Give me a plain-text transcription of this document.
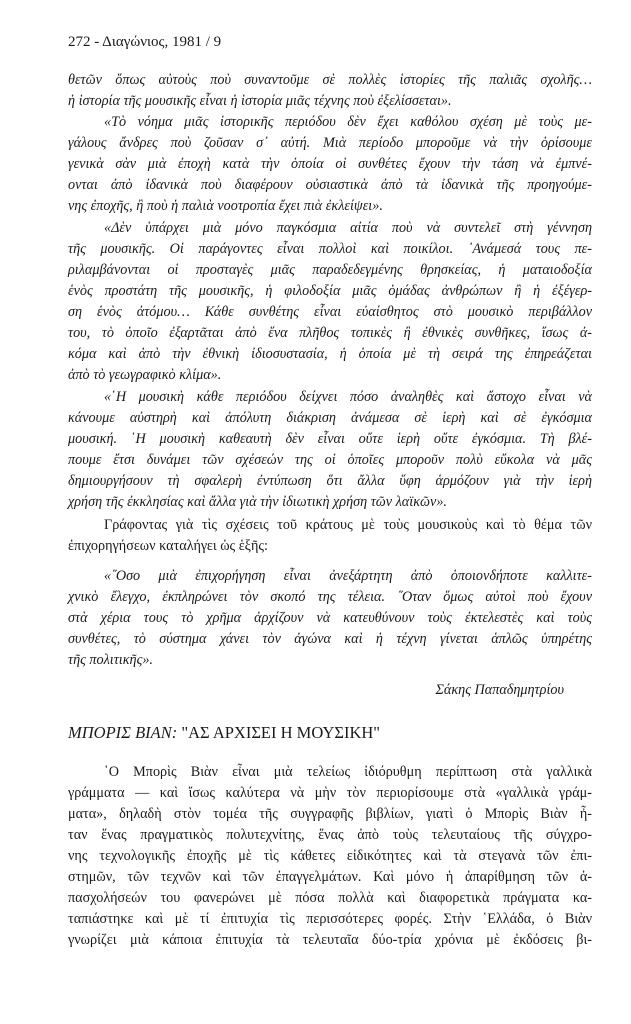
272 - Διαγώνιος, 1981 / 9
θετῶν ὅπως αὐτοὺς ποὺ συναντοῦμε σὲ πολλὲς ἱστορίες τῆς παλιᾶς σχολῆς…
ἡ ἱστορία τῆς μουσικῆς εἶναι ἡ ἱστορία μιᾶς τέχνης ποὺ ἐξελίσσεται».
«Τὸ νόημα μιᾶς ἱστορικῆς περιόδου δὲν ἔχει καθόλου σχέση μὲ τοὺς με-
γάλους ἄνδρες ποὺ ζοῦσαν σ᾽ αὐτή. Μιὰ περίοδο μποροῦμε νὰ τὴν ὁρίσουμε
γενικὰ σὰν μιὰ ἐποχὴ κατὰ τὴν ὁποία οἱ συνθέτες ἔχουν τὴν τάση νὰ ἐμπνέ-
ονται ἀπὸ ἰδανικὰ ποὺ διαφέρουν οὐσιαστικὰ ἀπὸ τὰ ἰδανικὰ τῆς προηγούμε-
νης ἐποχῆς, ἢ ποὺ ἡ παλιὰ νοοτροπία ἔχει πιὰ ἐκλείψει».
«Δὲν ὑπάρχει μιὰ μόνο παγκόσμια αἰτία ποὺ νὰ συντελεῖ στὴ γέννηση
τῆς μουσικῆς. Οἱ παράγοντες εἶναι πολλοὶ καὶ ποικίλοι. ᾽Ανάμεσά τους πε-
ριλαμβάνονται οἱ προσταγὲς μιᾶς παραδεδεγμένης θρησκείας, ἡ ματαιοδοξία
ἑνὸς προστάτη τῆς μουσικῆς, ἡ φιλοδοξία μιᾶς ὁμάδας ἀνθρώπων ἢ ἡ ἐξέγερ-
ση ἑνὸς ἀτόμου… Κάθε συνθέτης εἶναι εὐαίσθητος στὸ μουσικὸ περιβάλλον
του, τὸ ὁποῖο ἐξαρτᾶται ἀπὸ ἕνα πλῆθος τοπικὲς ἢ ἐθνικὲς συνθῆκες, ἴσως ἀ-
κόμα καὶ ἀπὸ τὴν ἐθνικὴ ἰδιοσυστασία, ἡ ὁποία μὲ τὴ σειρά της ἐπηρεάζεται
ἀπὸ τὸ γεωγραφικὸ κλίμα».
«῾Η μουσικὴ κάθε περιόδου δείχνει πόσο ἀναληθὲς καὶ ἄστοχο εἶναι νὰ
κάνουμε αὐστηρὴ καὶ ἀπόλυτη διάκριση ἀνάμεσα σὲ ἱερὴ καὶ σὲ ἐγκόσμια
μουσική. ῾Η μουσικὴ καθεαυτὴ δὲν εἶναι οὔτε ἱερὴ οὔτε ἐγκόσμια. Τὴ βλέ-
πουμε ἔτσι δυνάμει τῶν σχέσεών της οἱ ὁποῖες μποροῦν πολὺ εὔκολα νὰ μᾶς
δημιουργήσουν τὴ σφαλερὴ ἐντύπωση ὅτι ἄλλα ὕφη ἁρμόζουν γιὰ τὴν ἱερὴ
χρήση τῆς ἐκκλησίας καὶ ἄλλα γιὰ τὴν ἰδιωτικὴ χρήση τῶν λαϊκῶν».
Γράφοντας γιὰ τὶς σχέσεις τοῦ κράτους μὲ τοὺς μουσικοὺς καὶ τὸ θέμα τῶν
ἐπιχορηγήσεων καταλήγει ὡς ἑξῆς:
«῞Οσο μιὰ ἐπιχορήγηση εἶναι ἀνεξάρτητη ἀπὸ ὁποιονδήποτε καλλιτε-
χνικὸ ἔλεγχο, ἐκπληρώνει τὸν σκοπό της τέλεια. ῞Οταν ὅμως αὐτοὶ ποὺ ἔχουν
στὰ χέρια τους τὸ χρῆμα ἀρχίζουν νὰ κατευθύνουν τοὺς ἐκτελεστὲς καὶ τοὺς
συνθέτες, τὸ σύστημα χάνει τὸν ἀγώνα καὶ ἡ τέχνη γίνεται ἁπλῶς ὑπηρέτης
τῆς πολιτικῆς».
Σάκης Παπαδημητρίου
ΜΠΟΡΙΣ ΒΙΑΝ: "ΑΣ ΑΡΧΙΣΕΙ Η ΜΟΥΣΙΚΗ"
῾Ο Μπορὶς Βιὰν εἶναι μιὰ τελείως ἰδιόρυθμη περίπτωση στὰ γαλλικὰ
γράμματα — καὶ ἴσως καλύτερα νὰ μὴν τὸν περιορίσουμε στὰ «γαλλικὰ γράμ-
ματα», δηλαδὴ στὸν τομέα τῆς συγγραφῆς βιβλίων, γιατὶ ὁ Μπορὶς Βιὰν ἦ-
ταν ἕνας πραγματικὸς πολυτεχνίτης, ἕνας ἀπὸ τοὺς τελευταίους τῆς σύγχρο-
νης τεχνολογικῆς ἐποχῆς μὲ τὶς κάθετες εἰδικότητες καὶ τὰ στεγανὰ τῶν ἐπι-
στημῶν, τῶν τεχνῶν καὶ τῶν ἐπαγγελμάτων. Καὶ μόνο ἡ ἀπαρίθμηση τῶν ἀ-
πασχολήσεών του φανερώνει μὲ πόσα πολλὰ καὶ διαφορετικὰ πράγματα κα-
ταπιάστηκε καὶ μὲ τί ἐπιτυχία τὶς περισσότερες φορές. Στὴν ῾Ελλάδα, ὁ Βιὰν
γνωρίζει μιὰ κάποια ἐπιτυχία τὰ τελευταῖα δύο-τρία χρόνια μὲ ἐκδόσεις βι-
